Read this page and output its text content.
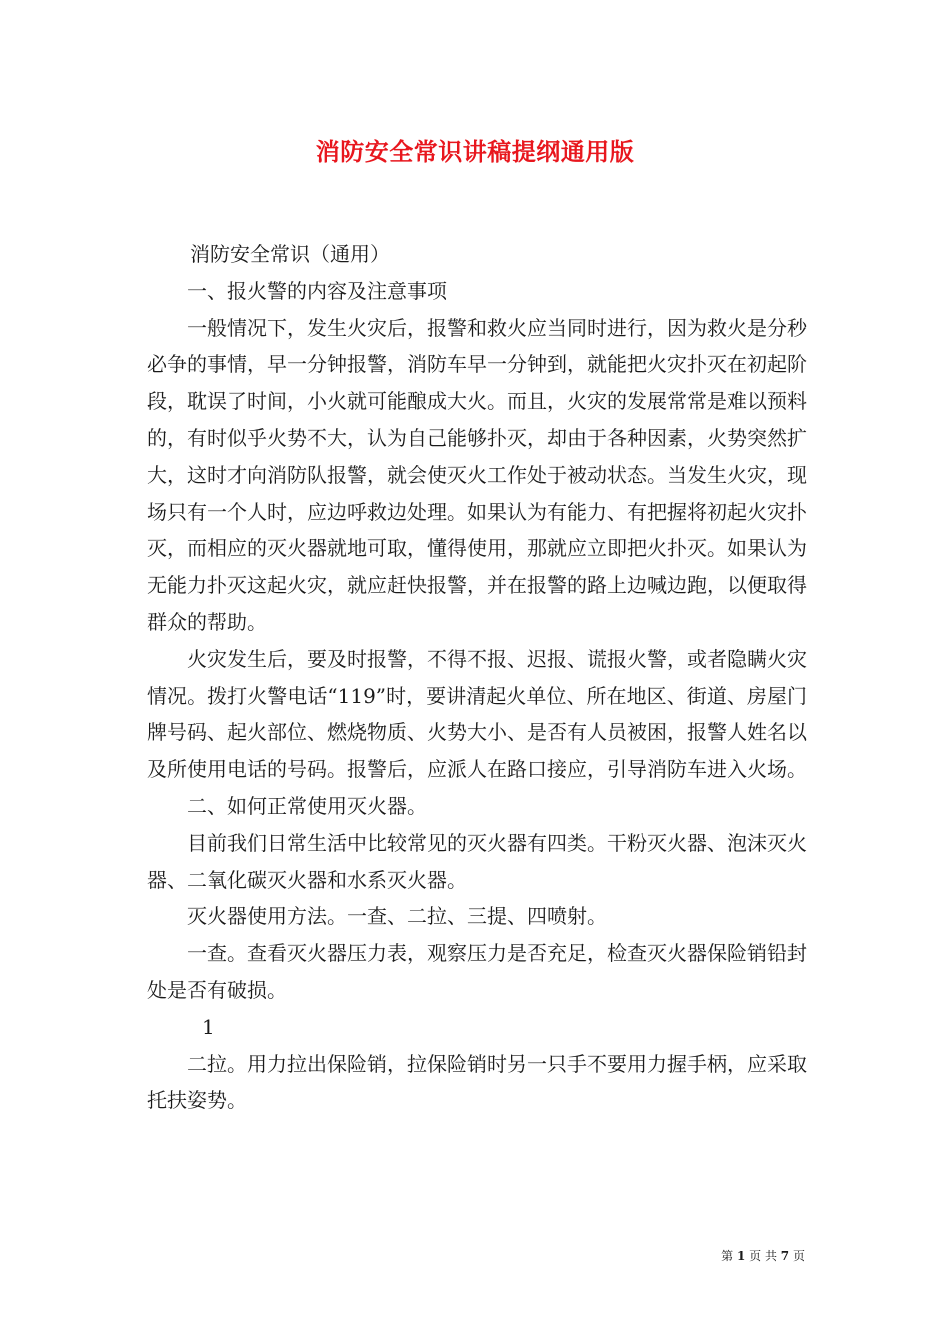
消防安全常识讲稿提纲通用版

消防安全常识（通用）

一、报火警的内容及注意事项

一般情况下，发生火灾后，报警和救火应当同时进行，因为救火是分秒必争的事情，早一分钟报警，消防车早一分钟到，就能把火灾扑灭在初起阶段，耽误了时间，小火就可能酿成大火。而且，火灾的发展常常是难以预料的，有时似乎火势不大，认为自己能够扑灭，却由于各种因素，火势突然扩大，这时才向消防队报警，就会使灭火工作处于被动状态。当发生火灾，现场只有一个人时，应边呼救边处理。如果认为有能力、有把握将初起火灾扑灭，而相应的灭火器就地可取，懂得使用，那就应立即把火扑灭。如果认为无能力扑灭这起火灾，就应赶快报警，并在报警的路上边喊边跑，以便取得群众的帮助。

火灾发生后，要及时报警，不得不报、迟报、谎报火警，或者隐瞒火灾情况。拨打火警电话“119”时，要讲清起火单位、所在地区、街道、房屋门牌号码、起火部位、燃烧物质、火势大小、是否有人员被困，报警人姓名以及所使用电话的号码。报警后，应派人在路口接应，引导消防车进入火场。

二、如何正常使用灭火器。

目前我们日常生活中比较常见的灭火器有四类。干粉灭火器、泡沫灭火器、二氧化碳灭火器和水系灭火器。

灭火器使用方法。一查、二拉、三提、四喷射。

一查。查看灭火器压力表，观察压力是否充足，检查灭火器保险销铅封处是否有破损。

1

二拉。用力拉出保险销，拉保险销时另一只手不要用力握手柄，应采取托扶姿势。

第 1 页 共 7 页
